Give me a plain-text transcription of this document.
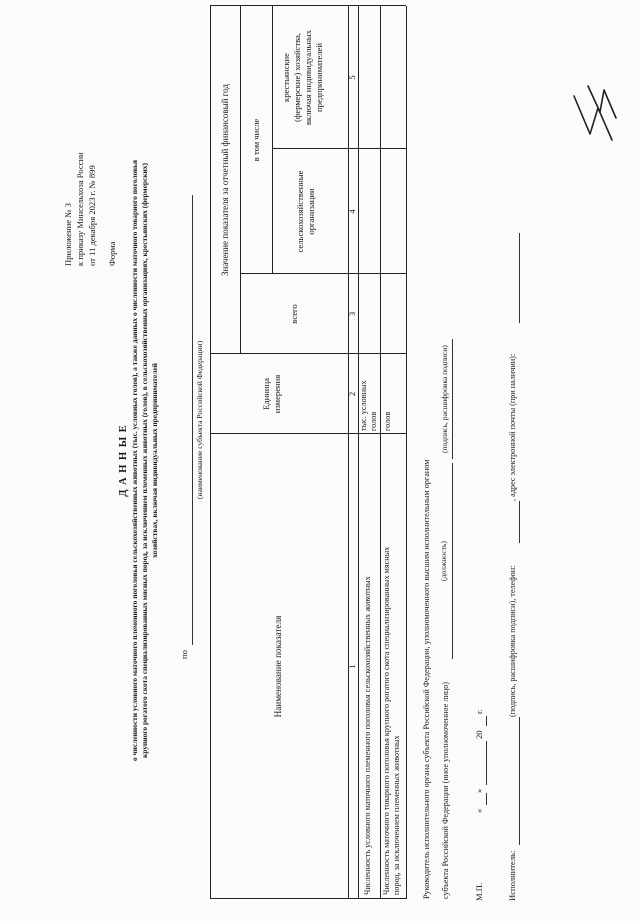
Приложение № 3 к приказу Минсельхоза России от 11 декабря 2023 г. № 899 Форма
Д А Н Н Ы Е о численности условного маточного племенного поголовья сельскохозяйственных животных (тыс. условных голов), а также данных о численности маточного товарного поголовья крупного рогатого скота специализированных мясных пород, за исключением племенных животных (голов), в сельскохозяйственных организациях, крестьянских (фермерских) хозяйствах, включая индивидуальных предпринимателей
по
(наименование субъекта Российской Федерации)
Наименование показателя
Единица измерения
Значение показателя за отчетный финансовый год
всего
в том числе
сельскохозяйственные организации
крестьянские (фермерские) хозяйства, включая индивидуальных предпринимателей
1
2
3
4
5
Численность условного маточного племенного поголовья сельскохозяйственных животных
тыс. условных голов
Численность маточного товарного поголовья крупного рогатого скота специализированных мясных пород, за исключением племенных животных
голов
Руководитель исполнительного органа субъекта Российской Федерации, уполномоченного высшим исполнительным органом субъекта Российской Федерации (иное уполномоченное лицо)
(должность)
(подпись, расшифровка подписи)
М.П.
«
»
20
г.
Исполнитель:
(подпись, расшифровка подписи), телефон:
, адрес электронной почты (при наличии):
